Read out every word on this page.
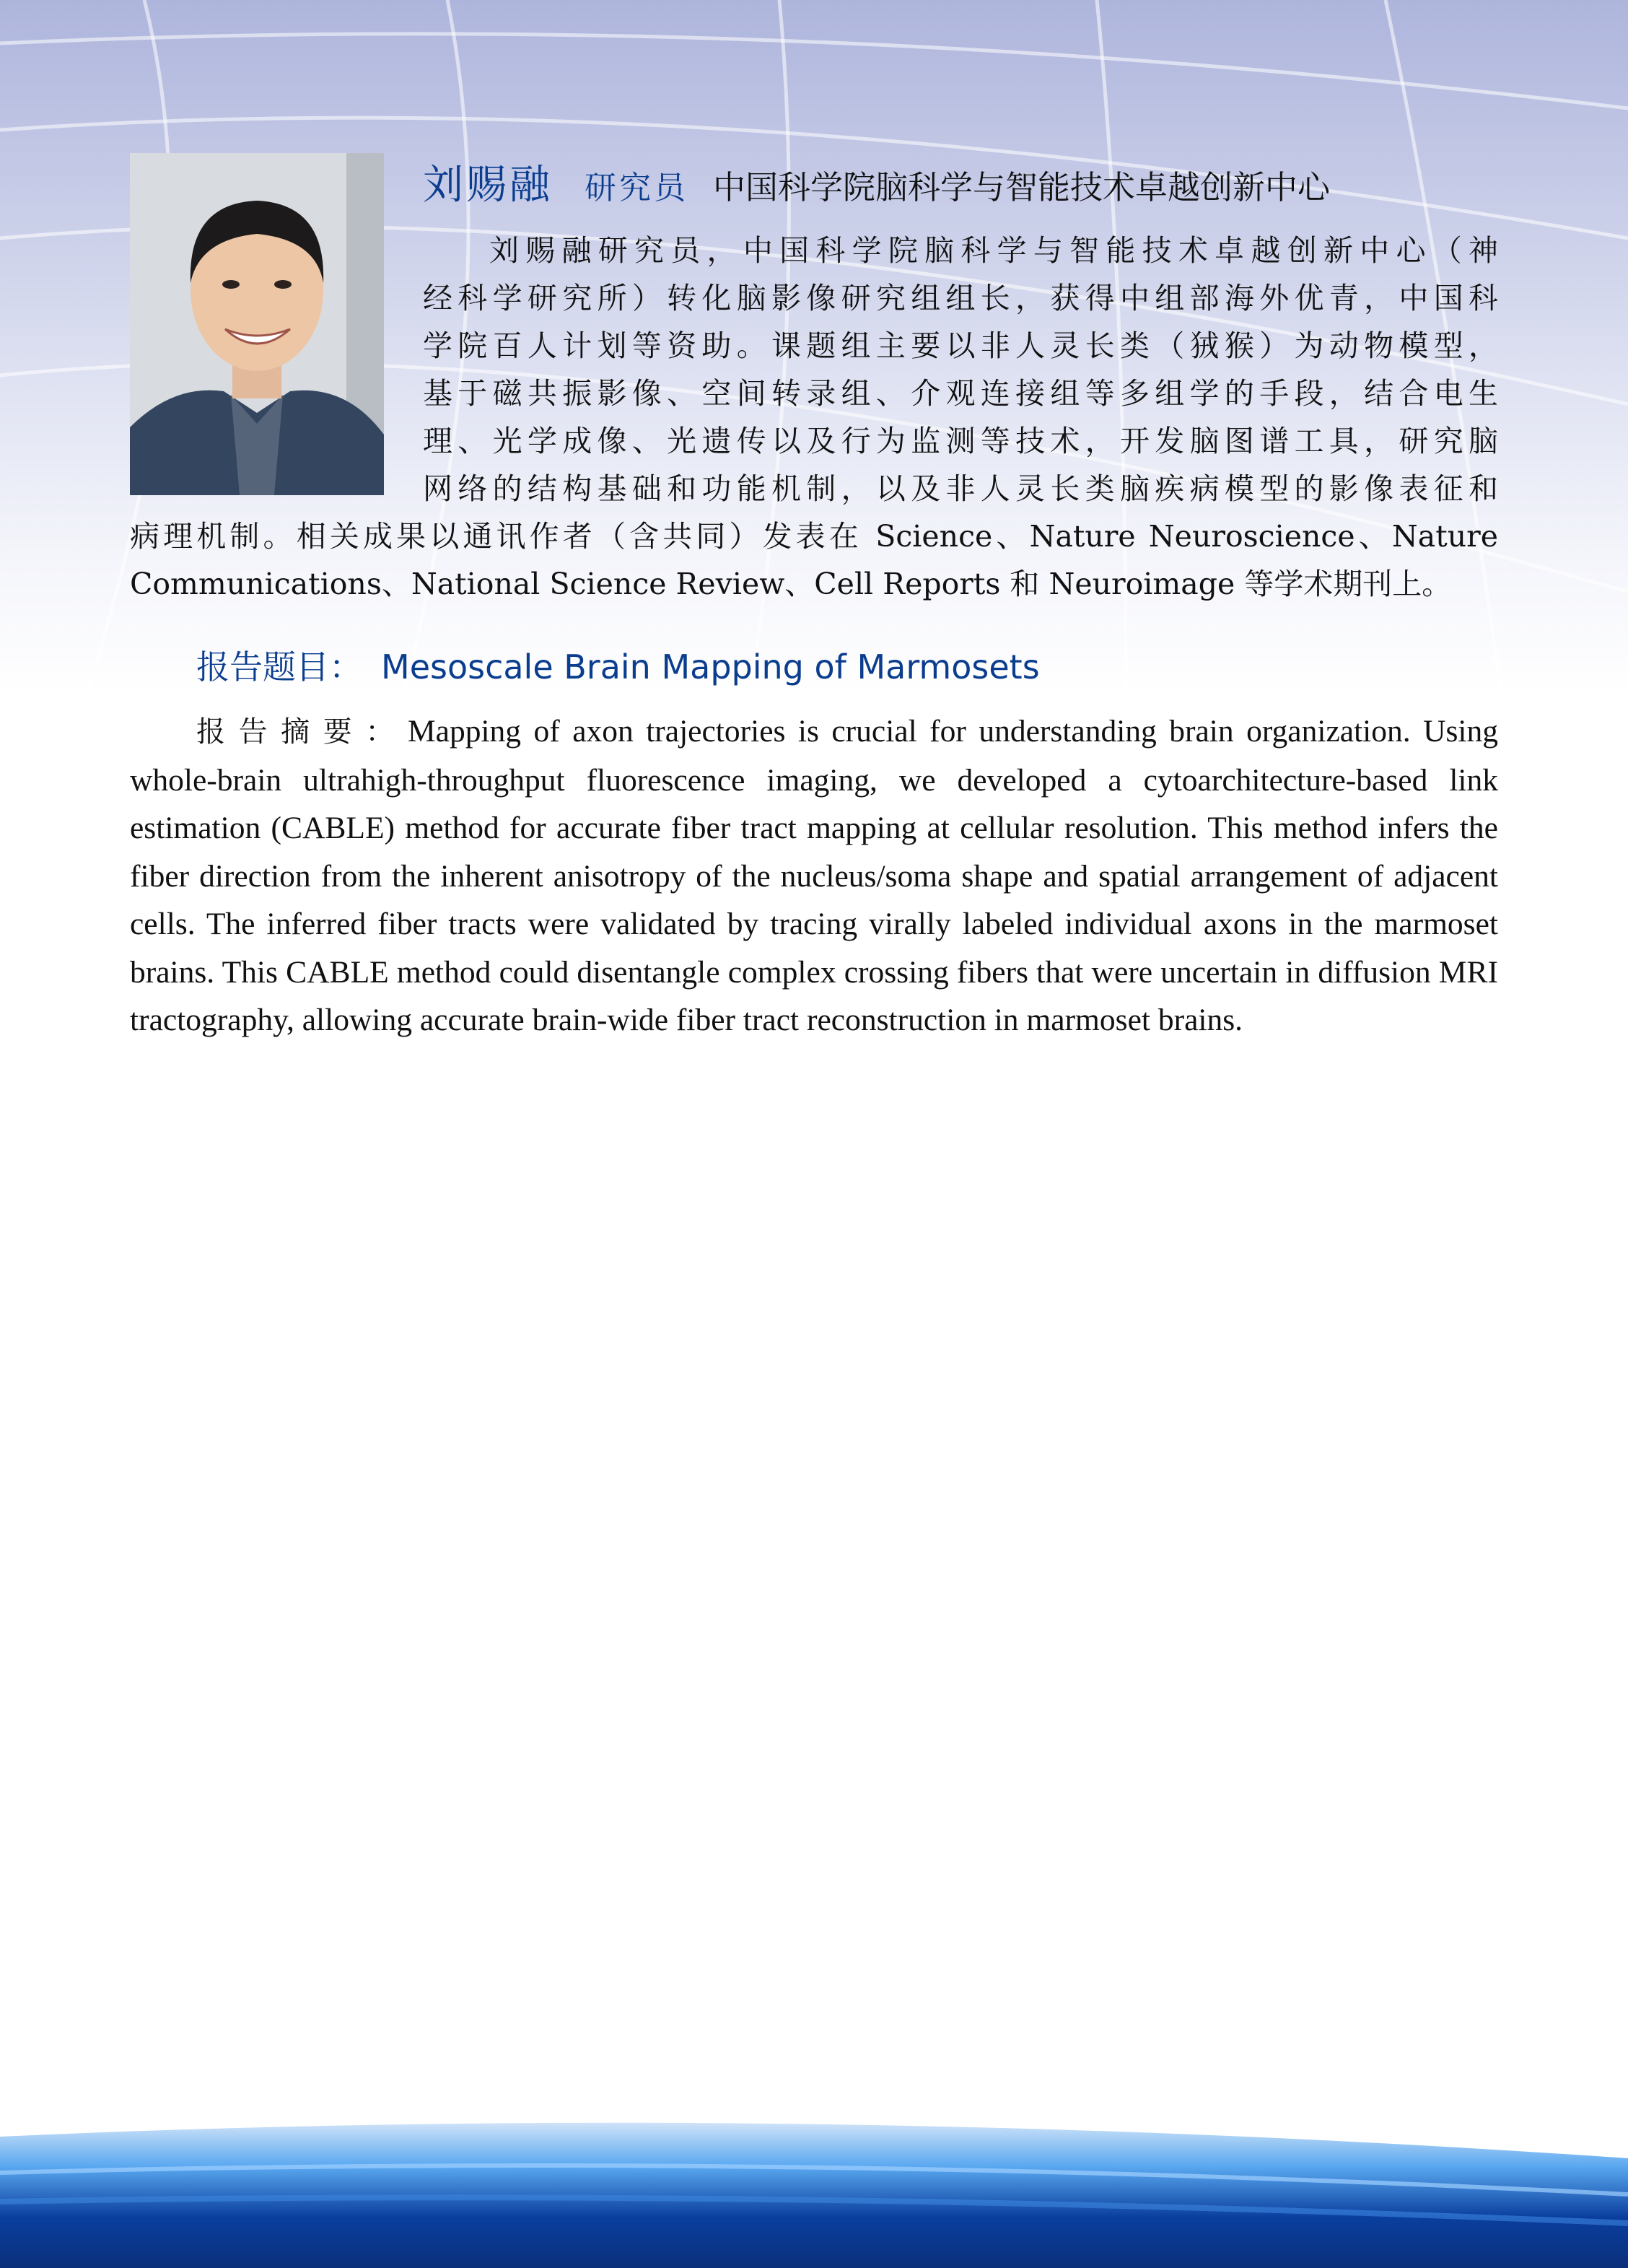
刘赐融 研究员 中国科学院脑科学与智能技术卓越创新中心
刘赐融研究员，中国科学院脑科学与智能技术卓越创新中心（神
经科学研究所）转化脑影像研究组组长，获得中组部海外优青，中国科
学院百人计划等资助。课题组主要以非人灵长类（狨猴）为动物模型，
基于磁共振影像、空间转录组、介观连接组等多组学的手段，结合电生
理、光学成像、光遗传以及行为监测等技术，开发脑图谱工具，研究脑
网络的结构基础和功能机制，以及非人灵长类脑疾病模型的影像表征和
病理机制。相关成果以通讯作者（含共同）发表在 Science、Nature Neuroscience、Nature
Communications、National Science Review、Cell Reports 和 Neuroimage 等学术期刊上。
报告题目： Mesoscale Brain Mapping of Marmosets
报告摘要：Mapping of axon trajectories is crucial for understanding brain organization. Using whole-brain ultrahigh-throughput fluorescence imaging, we developed a cytoarchitecture-based link estimation (CABLE) method for accurate fiber tract mapping at cellular resolution. This method infers the fiber direction from the inherent anisotropy of the nucleus/soma shape and spatial arrangement of adjacent cells. The inferred fiber tracts were validated by tracing virally labeled individual axons in the marmoset brains. This CABLE method could disentangle complex crossing fibers that were uncertain in diffusion MRI tractography, allowing accurate brain-wide fiber tract reconstruction in marmoset brains.
